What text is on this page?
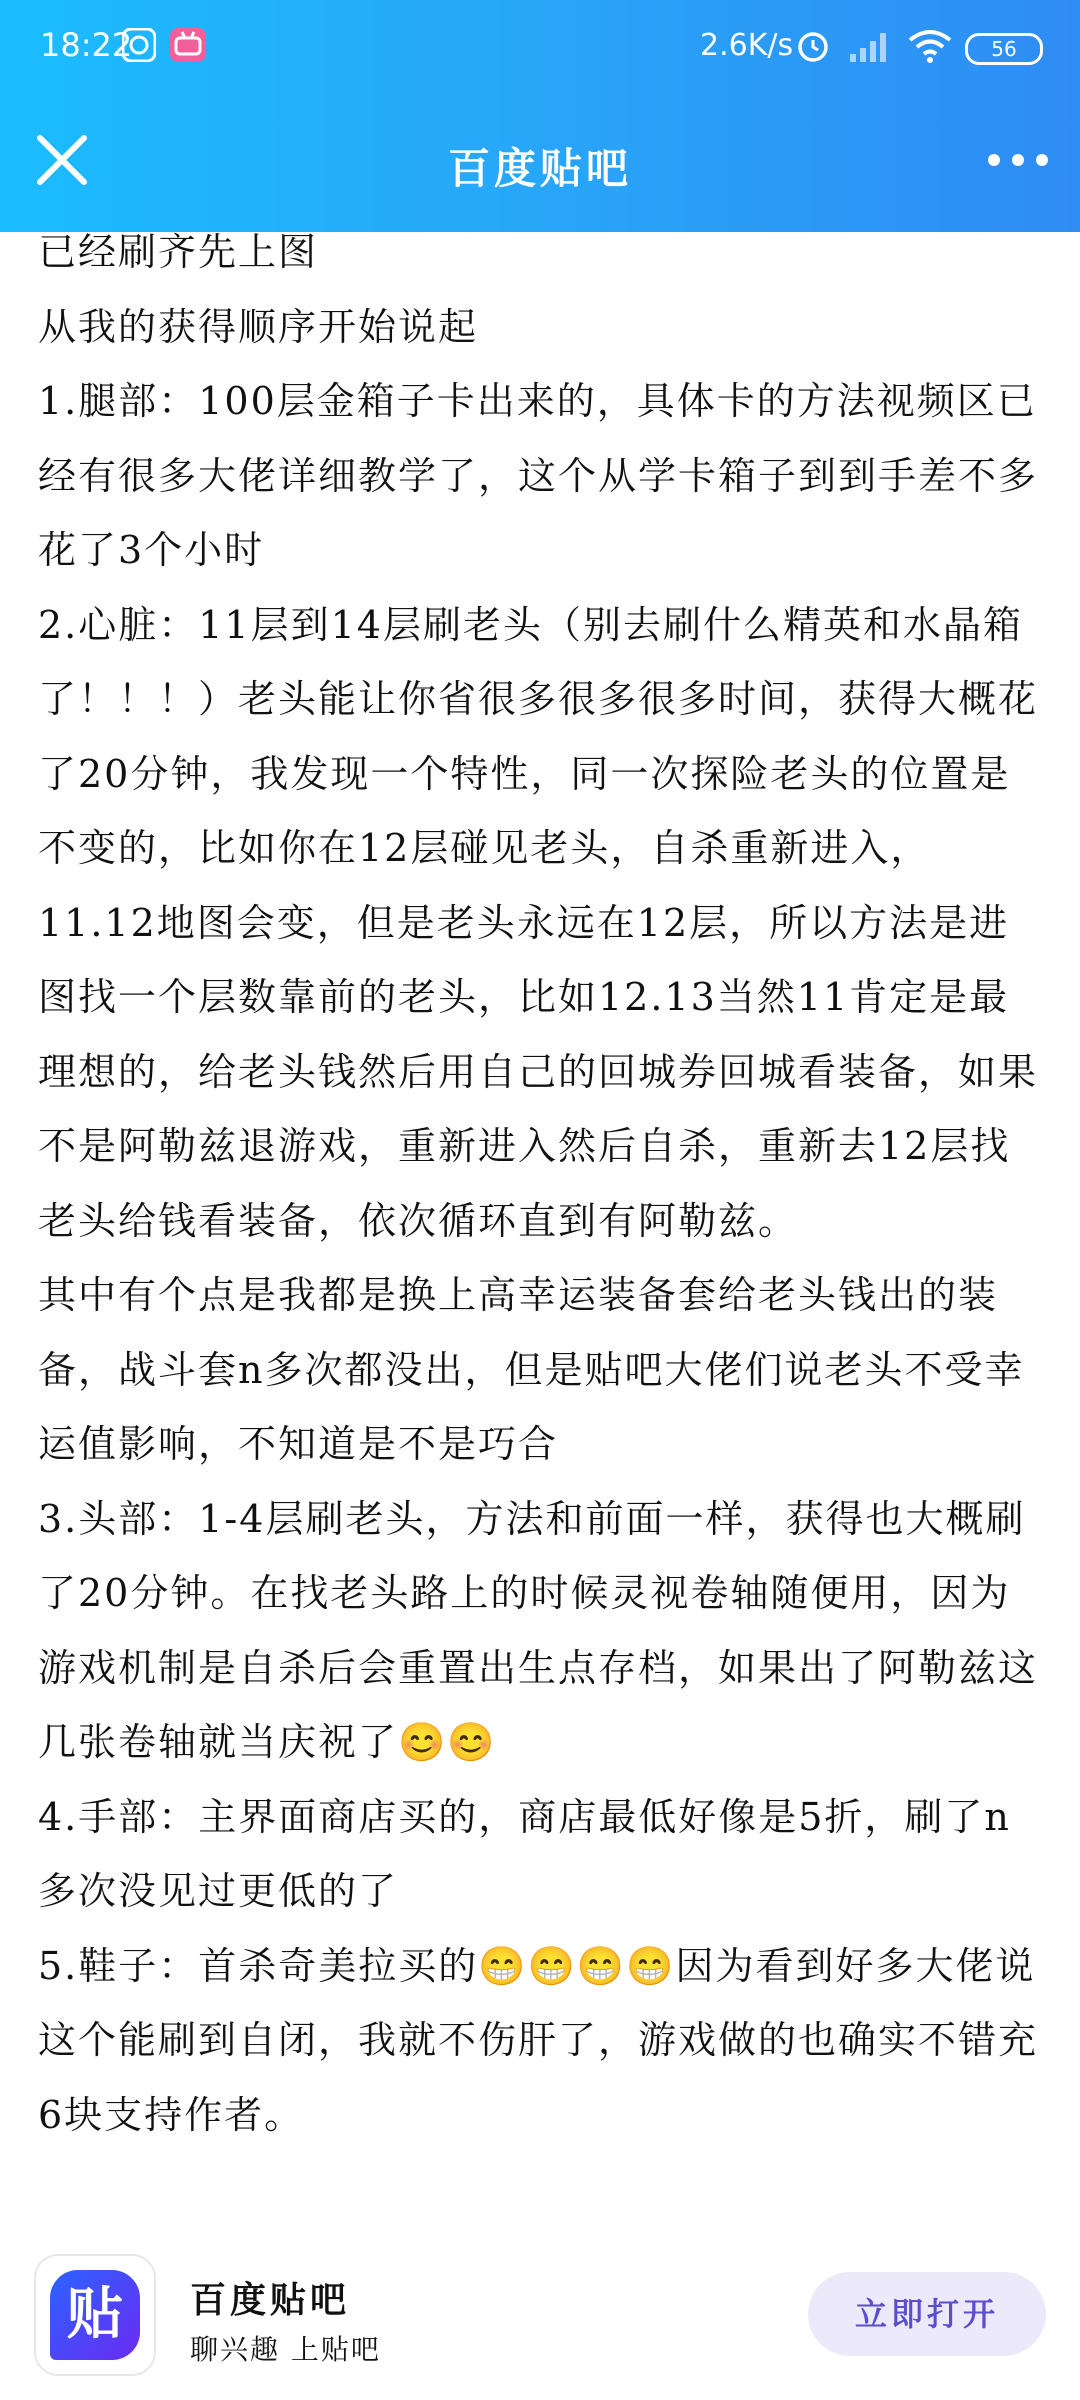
18:22	2.6K/s	56
百度贴吧

已经刷齐先上图

从我的获得顺序开始说起

1.腿部：100层金箱子卡出来的，具体卡的方法视频区已经有很多大佬详细教学了，这个从学卡箱子到到手差不多花了3个小时

2.心脏：11层到14层刷老头（别去刷什么精英和水晶箱了！！！）老头能让你省很多很多很多时间，获得大概花了20分钟，我发现一个特性，同一次探险老头的位置是不变的，比如你在12层碰见老头，自杀重新进入，11.12地图会变，但是老头永远在12层，所以方法是进图找一个层数靠前的老头，比如12.13当然11肯定是最理想的，给老头钱然后用自己的回城券回城看装备，如果不是阿勒兹退游戏，重新进入然后自杀，重新去12层找老头给钱看装备，依次循环直到有阿勒兹。

其中有个点是我都是换上高幸运装备套给老头钱出的装备，战斗套n多次都没出，但是贴吧大佬们说老头不受幸运值影响，不知道是不是巧合

3.头部：1-4层刷老头，方法和前面一样，获得也大概刷了20分钟。在找老头路上的时候灵视卷轴随便用，因为游戏机制是自杀后会重置出生点存档，如果出了阿勒兹这几张卷轴就当庆祝了😊😊

4.手部：主界面商店买的，商店最低好像是5折，刷了n多次没见过更低的了

5.鞋子：首杀奇美拉买的😁😁😁😁因为看到好多大佬说这个能刷到自闭，我就不伤肝了，游戏做的也确实不错充6块支持作者。

贴	百度贴吧
聊兴趣 上贴吧
立即打开
